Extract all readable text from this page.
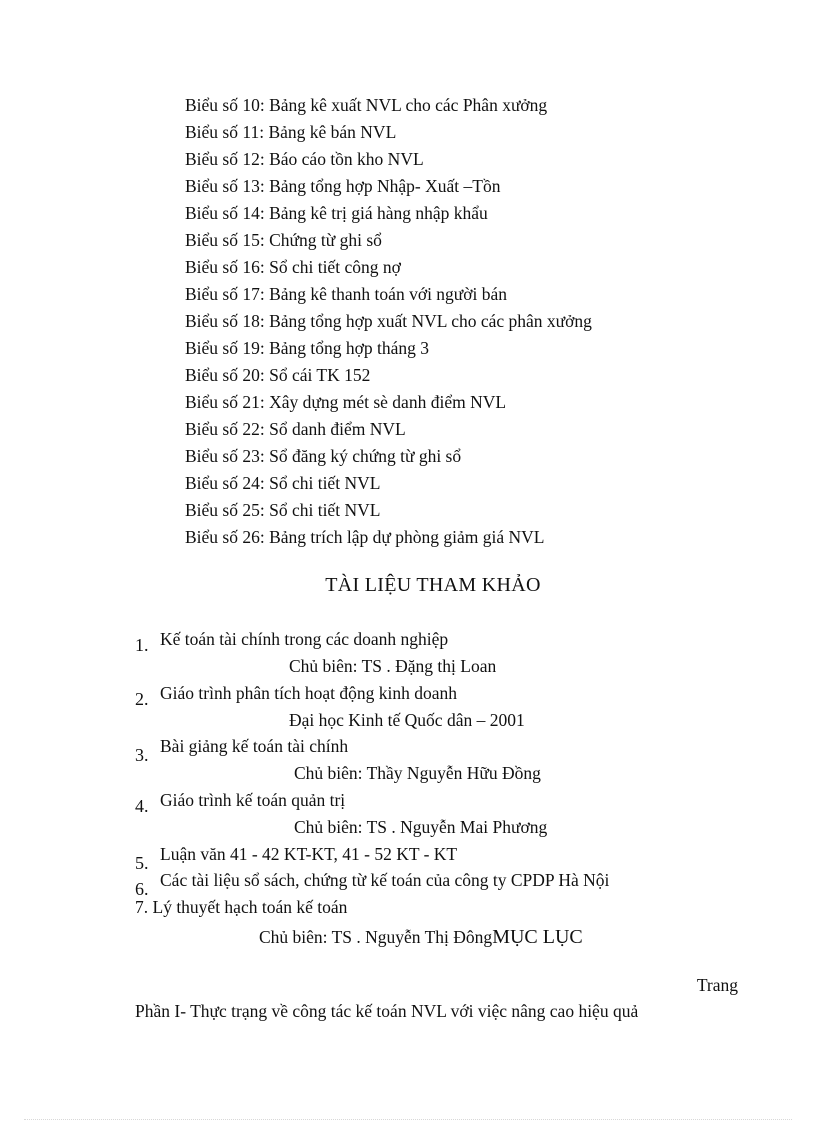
Biểu số 10: Bảng kê xuất NVL cho các Phân xưởng
Biểu số 11: Bảng kê bán NVL
Biểu số 12: Báo cáo tồn kho NVL
Biểu số 13: Bảng tổng hợp Nhập- Xuất –Tồn
Biểu số 14: Bảng kê trị giá hàng nhập khẩu
Biểu số 15: Chứng từ ghi sổ
Biểu số 16: Sổ chi tiết công nợ
Biểu số 17: Bảng kê thanh toán với người bán
Biểu số 18: Bảng tổng hợp xuất NVL cho các phân xưởng
Biểu số 19: Bảng tổng hợp tháng 3
Biểu số 20: Sổ cái TK 152
Biểu số 21: Xây dựng mét sè danh điểm NVL
Biểu số 22: Sổ danh điểm NVL
Biểu số 23: Sổ đăng ký chứng từ ghi sổ
Biểu số 24: Sổ chi tiết NVL
Biểu số 25: Sổ chi tiết NVL
Biểu số 26: Bảng trích lập dự phòng giảm giá NVL
TÀI LIỆU THAM KHẢO
1. Kế toán tài chính trong các doanh nghiệp
Chủ biên: TS . Đặng thị Loan
2. Giáo trình phân tích hoạt động kinh doanh
Đại học Kinh tế Quốc dân – 2001
3. Bài giảng kế toán tài chính
Chủ biên: Thầy Nguyễn Hữu Đồng
4. Giáo trình kế toán quản trị
Chủ biên: TS . Nguyễn Mai Phương
5. Luận văn 41 - 42 KT-KT, 41 - 52 KT - KT
6. Các tài liệu sổ sách, chứng từ kế toán của công ty CPDP Hà Nội
7. Lý thuyết hạch toán kế toán
Chủ biên: TS . Nguyễn Thị ĐôngMỤC LỤC
Trang
Phần I- Thực trạng về công tác kế toán NVL với việc nâng cao hiệu quả
